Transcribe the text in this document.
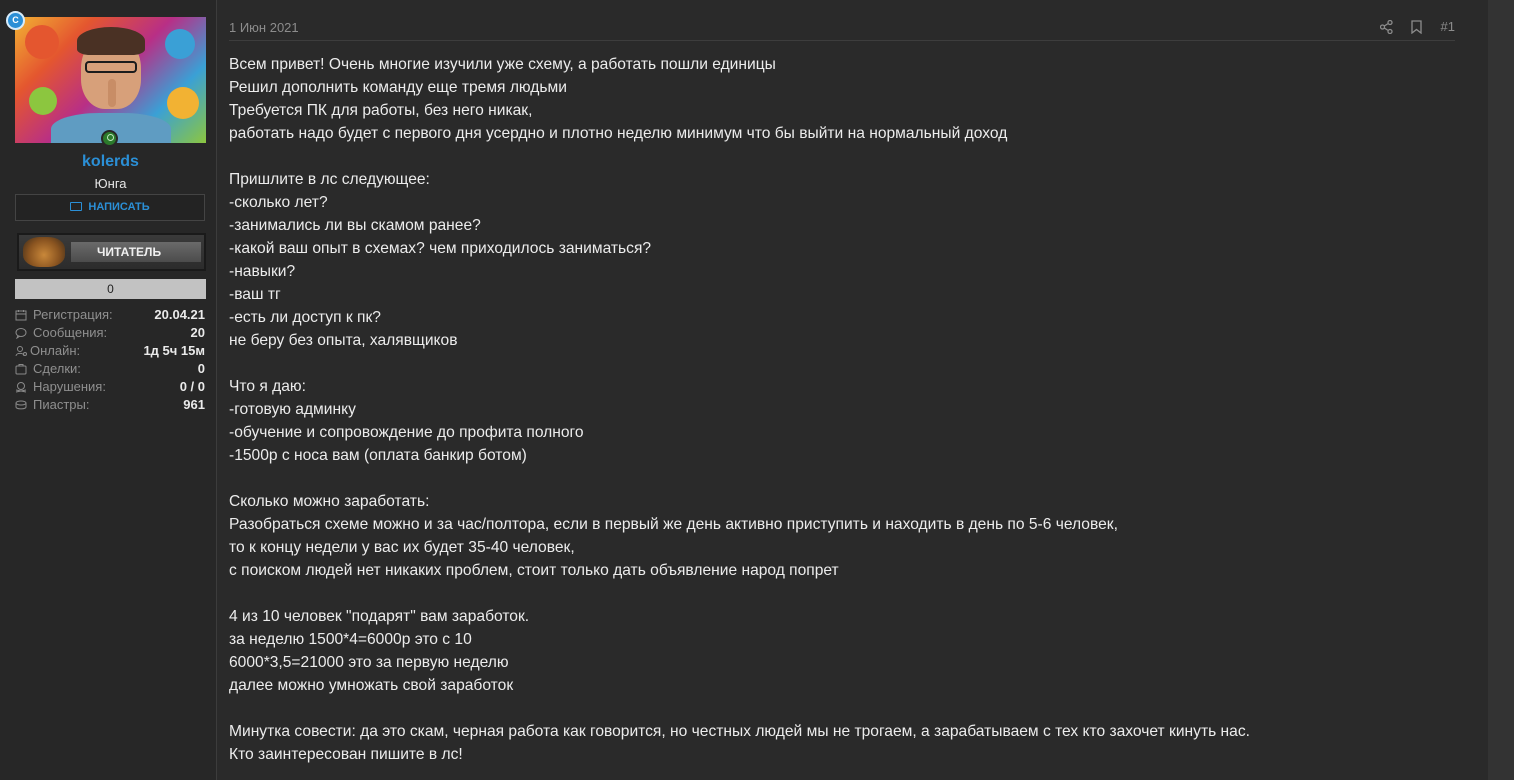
C
kolerds
Юнга
НАПИСАТЬ
ЧИТАТЕЛЬ
0
Регистрация:	20.04.21
Сообщения:	20
Онлайн:	1д 5ч 15м
Сделки:	0
Нарушения:	0 / 0
Пиастры:	961
1 Июн 2021	#1
Всем привет! Очень многие изучили уже схему, а работать пошли единицы
Решил дополнить команду еще тремя людьми
Требуется ПК для работы, без него никак,
работать надо будет с первого дня усердно и плотно неделю минимум что бы выйти на нормальный доход
Пришлите в лс следующее:
-сколько лет?
-занимались ли вы скамом ранее?
-какой ваш опыт в схемах? чем приходилось заниматься?
-навыки?
-ваш тг
-есть ли доступ к пк?
не беру без опыта, халявщиков
Что я даю:
-готовую админку
-обучение и сопровождение до профита полного
-1500р с носа вам (оплата банкир ботом)
Сколько можно заработать:
Разобраться схеме можно и за час/полтора, если в первый же день активно приступить и находить в день по 5-6 человек,
то к концу недели у вас их будет 35-40 человек,
с поиском людей нет никаких проблем, стоит только дать объявление народ попрет
4 из 10 человек "подарят" вам заработок.
за неделю 1500*4=6000р это с 10
6000*3,5=21000 это за первую неделю
далее можно умножать свой заработок
Минутка совести: да это скам, черная работа как говорится, но честных людей мы не трогаем, а зарабатываем с тех кто захочет кинуть нас.
Кто заинтересован пишите в лс!
